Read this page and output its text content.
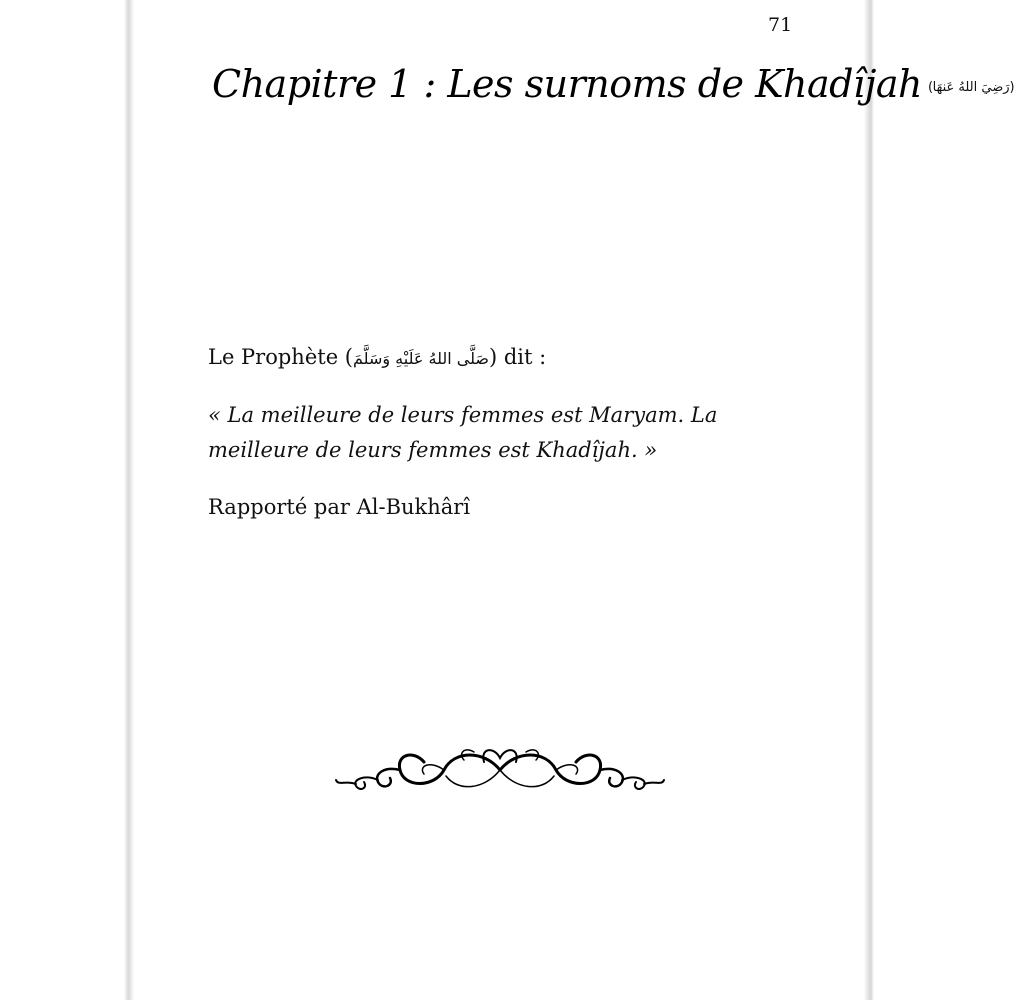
71
Chapitre 1 : Les surnoms de Khadîjah (رَضِيَ اللهُ عَنهَا)
Le Prophète (صَلَّى اللهُ عَلَيْهِ وَسَلَّمَ) dit :
« La meilleure de leurs femmes est Maryam. La meilleure de leurs femmes est Khadîjah. »
Rapporté par Al-Bukhârî
